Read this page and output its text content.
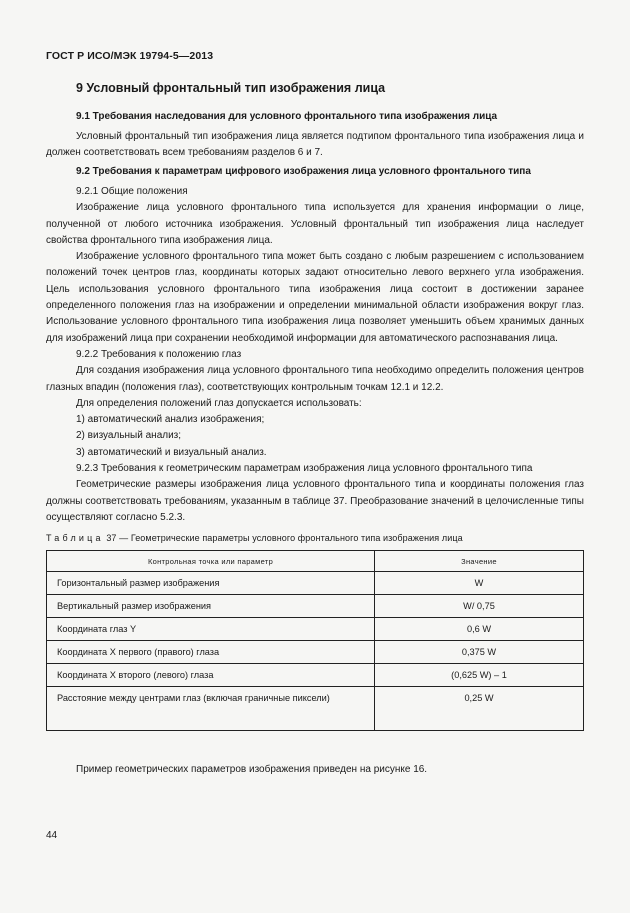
ГОСТ Р ИСО/МЭК 19794-5—2013
9 Условный фронтальный тип изображения лица
9.1 Требования наследования для условного фронтального типа изображения лица

Условный фронтальный тип изображения лица является подтипом фронтального типа изображения лица и должен соответствовать всем требованиям разделов 6 и 7.

9.2 Требования к параметрам цифрового изображения лица условного фронтального типа

9.2.1 Общие положения

Изображение лица условного фронтального типа используется для хранения информации о лице, полученной от любого источника изображения. Условный фронтальный тип изображения лица наследует свойства фронтального типа изображения лица.

Изображение условного фронтального типа может быть создано с любым разрешением с использованием положений точек центров глаз, координаты которых задают относительно левого верхнего угла изображения. Цель использования условного фронтального типа изображения лица состоит в достижении заранее определенного положения глаз на изображении и определении минимальной области изображения вокруг глаз. Использование условного фронтального типа изображения лица позволяет уменьшить объем хранимых данных для изображений лица при сохранении необходимой информации для автоматического распознавания лица.

9.2.2 Требования к положению глаз

Для создания изображения лица условного фронтального типа необходимо определить положения центров глазных впадин (положения глаз), соответствующих контрольным точкам 12.1 и 12.2.

Для определения положений глаз допускается использовать:

1) автоматический анализ изображения;

2) визуальный анализ;

3) автоматический и визуальный анализ.

9.2.3 Требования к геометрическим параметрам изображения лица условного фронтального типа

Геометрические размеры изображения лица условного фронтального типа и координаты положения глаз должны соответствовать требованиям, указанным в таблице 37. Преобразование значений в целочисленные типы осуществляют согласно 5.2.3.

Таблица 37 — Геометрические параметры условного фронтального типа изображения лица
Контрольная точка или параметр	Значение
Горизонтальный размер изображения	W
Вертикальный размер изображения	W/ 0,75
Координата глаз Y	0,6 W
Координата X первого (правого) глаза	0,375 W
Координата X второго (левого) глаза	(0,625 W) – 1
Расстояние между центрами глаз (включая граничные пиксели)	0,25 W
Пример геометрических параметров изображения приведен на рисунке 16.
44
